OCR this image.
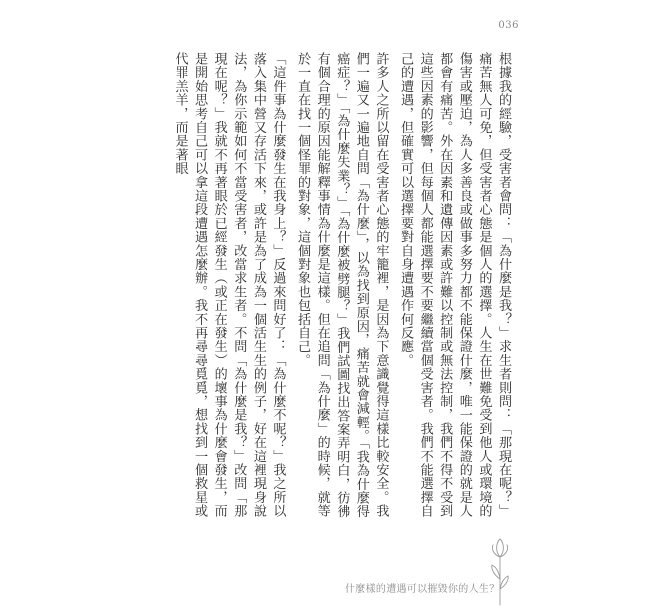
036

根據我的經驗，受害者會問：「為什麼是我？」求生者則問：「那現在呢？」痛苦無人可免，但受害者心態是個人的選擇。人生在世難免受到他人或環境的傷害或壓迫，為人多善良或做事多努力都不能保證什麼，唯一能保證的就是人都會有痛苦。外在因素和遺傳因素或許難以控制或無法控制，我們不得不受到這些因素的影響，但每個人都能選擇要不要繼續當個受害者。我們不能選擇自己的遭遇，但確實可以選擇要對自身遭遇作何反應。

許多人之所以留在受害者心態的牢籠裡，是因為下意識覺得這樣比較安全。我們一遍又一遍地自問「為什麼」，以為找到原因，痛苦就會減輕。「我為什麼得癌症？」「為什麼失業？」「為什麼被劈腿？」我們試圖找出答案弄明白，彷彿有個合理的原因能解釋事情為什麼是這樣。但在追問「為什麼」的時候，就等於一直在找一個怪罪的對象，這個對象也包括自己。

「這件事為什麼發生在我身上？」反過來問好了：「為什麼不呢？」我之所以落入集中營又存活下來，或許是為了成為一個活生生的例子，好在這裡現身說法，為你示範如何不當受害者，改當求生者。不問「為什麼是我？」改問「那現在呢？」我就不再著眼於已經發生（或正在發生）的壞事為什麼會發生，而是開始思考自己可以拿這段遭遇怎麼辦。我不再尋尋覓覓，想找到一個救星或代罪羔羊，而是著眼

什麼樣的遭遇可以摧毀你的人生？
